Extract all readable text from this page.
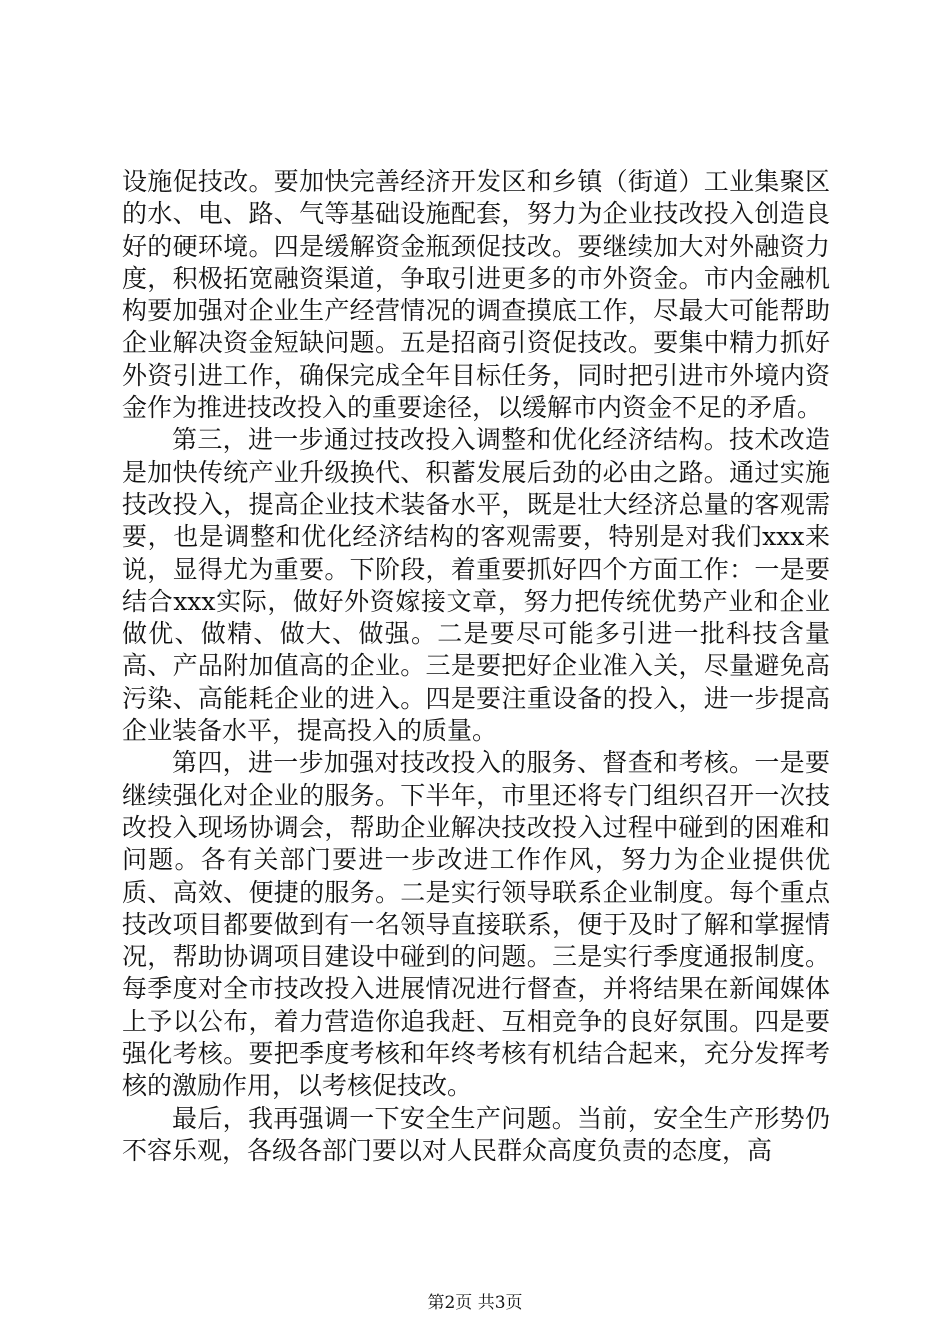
设施促技改。要加快完善经济开发区和乡镇（街道）工业集聚区的水、电、路、气等基础设施配套，努力为企业技改投入创造良好的硬环境。四是缓解资金瓶颈促技改。要继续加大对外融资力度，积极拓宽融资渠道，争取引进更多的市外资金。市内金融机构要加强对企业生产经营情况的调查摸底工作，尽最大可能帮助企业解决资金短缺问题。五是招商引资促技改。要集中精力抓好外资引进工作，确保完成全年目标任务，同时把引进市外境内资金作为推进技改投入的重要途径，以缓解市内资金不足的矛盾。

第三，进一步通过技改投入调整和优化经济结构。技术改造是加快传统产业升级换代、积蓄发展后劲的必由之路。通过实施技改投入，提高企业技术装备水平，既是壮大经济总量的客观需要，也是调整和优化经济结构的客观需要，特别是对我们xxx来说，显得尤为重要。下阶段，着重要抓好四个方面工作：一是要结合xxx实际，做好外资嫁接文章，努力把传统优势产业和企业做优、做精、做大、做强。二是要尽可能多引进一批科技含量高、产品附加值高的企业。三是要把好企业准入关，尽量避免高污染、高能耗企业的进入。四是要注重设备的投入，进一步提高企业装备水平，提高投入的质量。

第四，进一步加强对技改投入的服务、督查和考核。一是要继续强化对企业的服务。下半年，市里还将专门组织召开一次技改投入现场协调会，帮助企业解决技改投入过程中碰到的困难和问题。各有关部门要进一步改进工作作风，努力为企业提供优质、高效、便捷的服务。二是实行领导联系企业制度。每个重点技改项目都要做到有一名领导直接联系，便于及时了解和掌握情况，帮助协调项目建设中碰到的问题。三是实行季度通报制度。每季度对全市技改投入进展情况进行督查，并将结果在新闻媒体上予以公布，着力营造你追我赶、互相竞争的良好氛围。四是要强化考核。要把季度考核和年终考核有机结合起来，充分发挥考核的激励作用，以考核促技改。

最后，我再强调一下安全生产问题。当前，安全生产形势仍不容乐观，各级各部门要以对人民群众高度负责的态度，高

第2页 共3页
